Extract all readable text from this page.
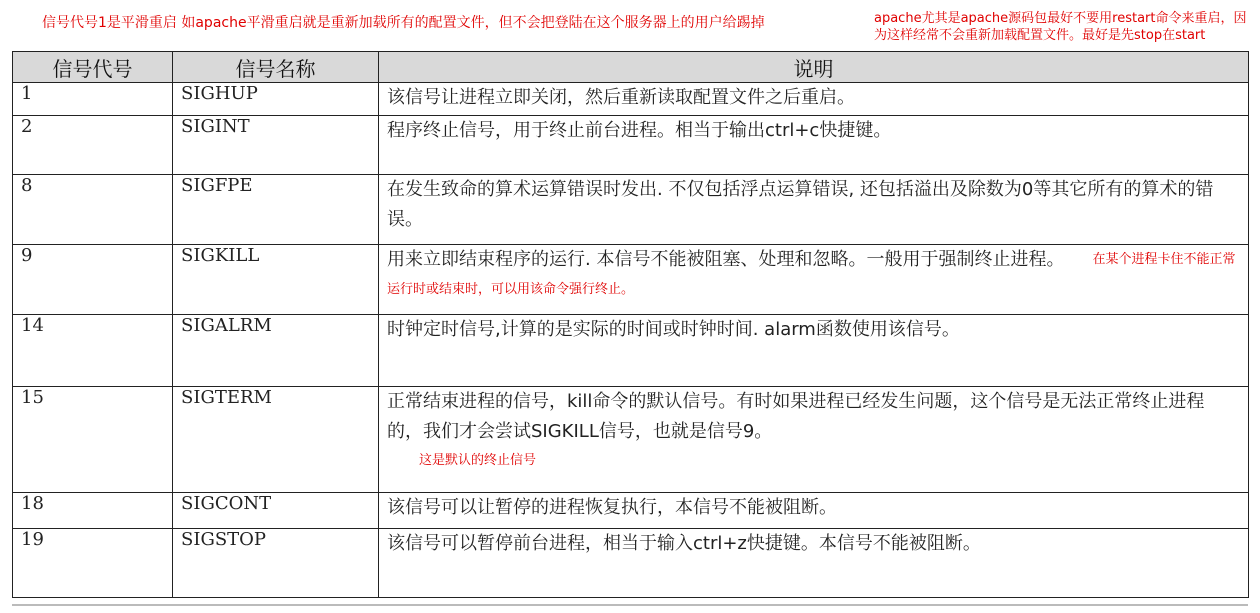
信号代号1是平滑重启 如apache平滑重启就是重新加载所有的配置文件，但不会把登陆在这个服务器上的用户给踢掉	apache尤其是apache源码包最好不要用restart命令来重启，因为这样经常不会重新加载配置文件。最好是先stop在start
信号代号	信号名称	说明
1	SIGHUP	该信号让进程立即关闭，然后重新读取配置文件之后重启。
2	SIGINT	程序终止信号，用于终止前台进程。相当于输出ctrl+c快捷键。
8	SIGFPE	在发生致命的算术运算错误时发出. 不仅包括浮点运算错误, 还包括溢出及除数为0等其它所有的算术的错误。
9	SIGKILL	用来立即结束程序的运行. 本信号不能被阻塞、处理和忽略。一般用于强制终止进程。 在某个进程卡住不能正常运行时或结束时，可以用该命令强行终止。
14	SIGALRM	时钟定时信号,计算的是实际的时间或时钟时间. alarm函数使用该信号。
15	SIGTERM	正常结束进程的信号，kill命令的默认信号。有时如果进程已经发生问题，这个信号是无法正常终止进程的，我们才会尝试SIGKILL信号，也就是信号9。
这是默认的终止信号

18	SIGCONT	该信号可以让暂停的进程恢复执行，本信号不能被阻断。
19	SIGSTOP	该信号可以暂停前台进程，相当于输入ctrl+z快捷键。本信号不能被阻断。
